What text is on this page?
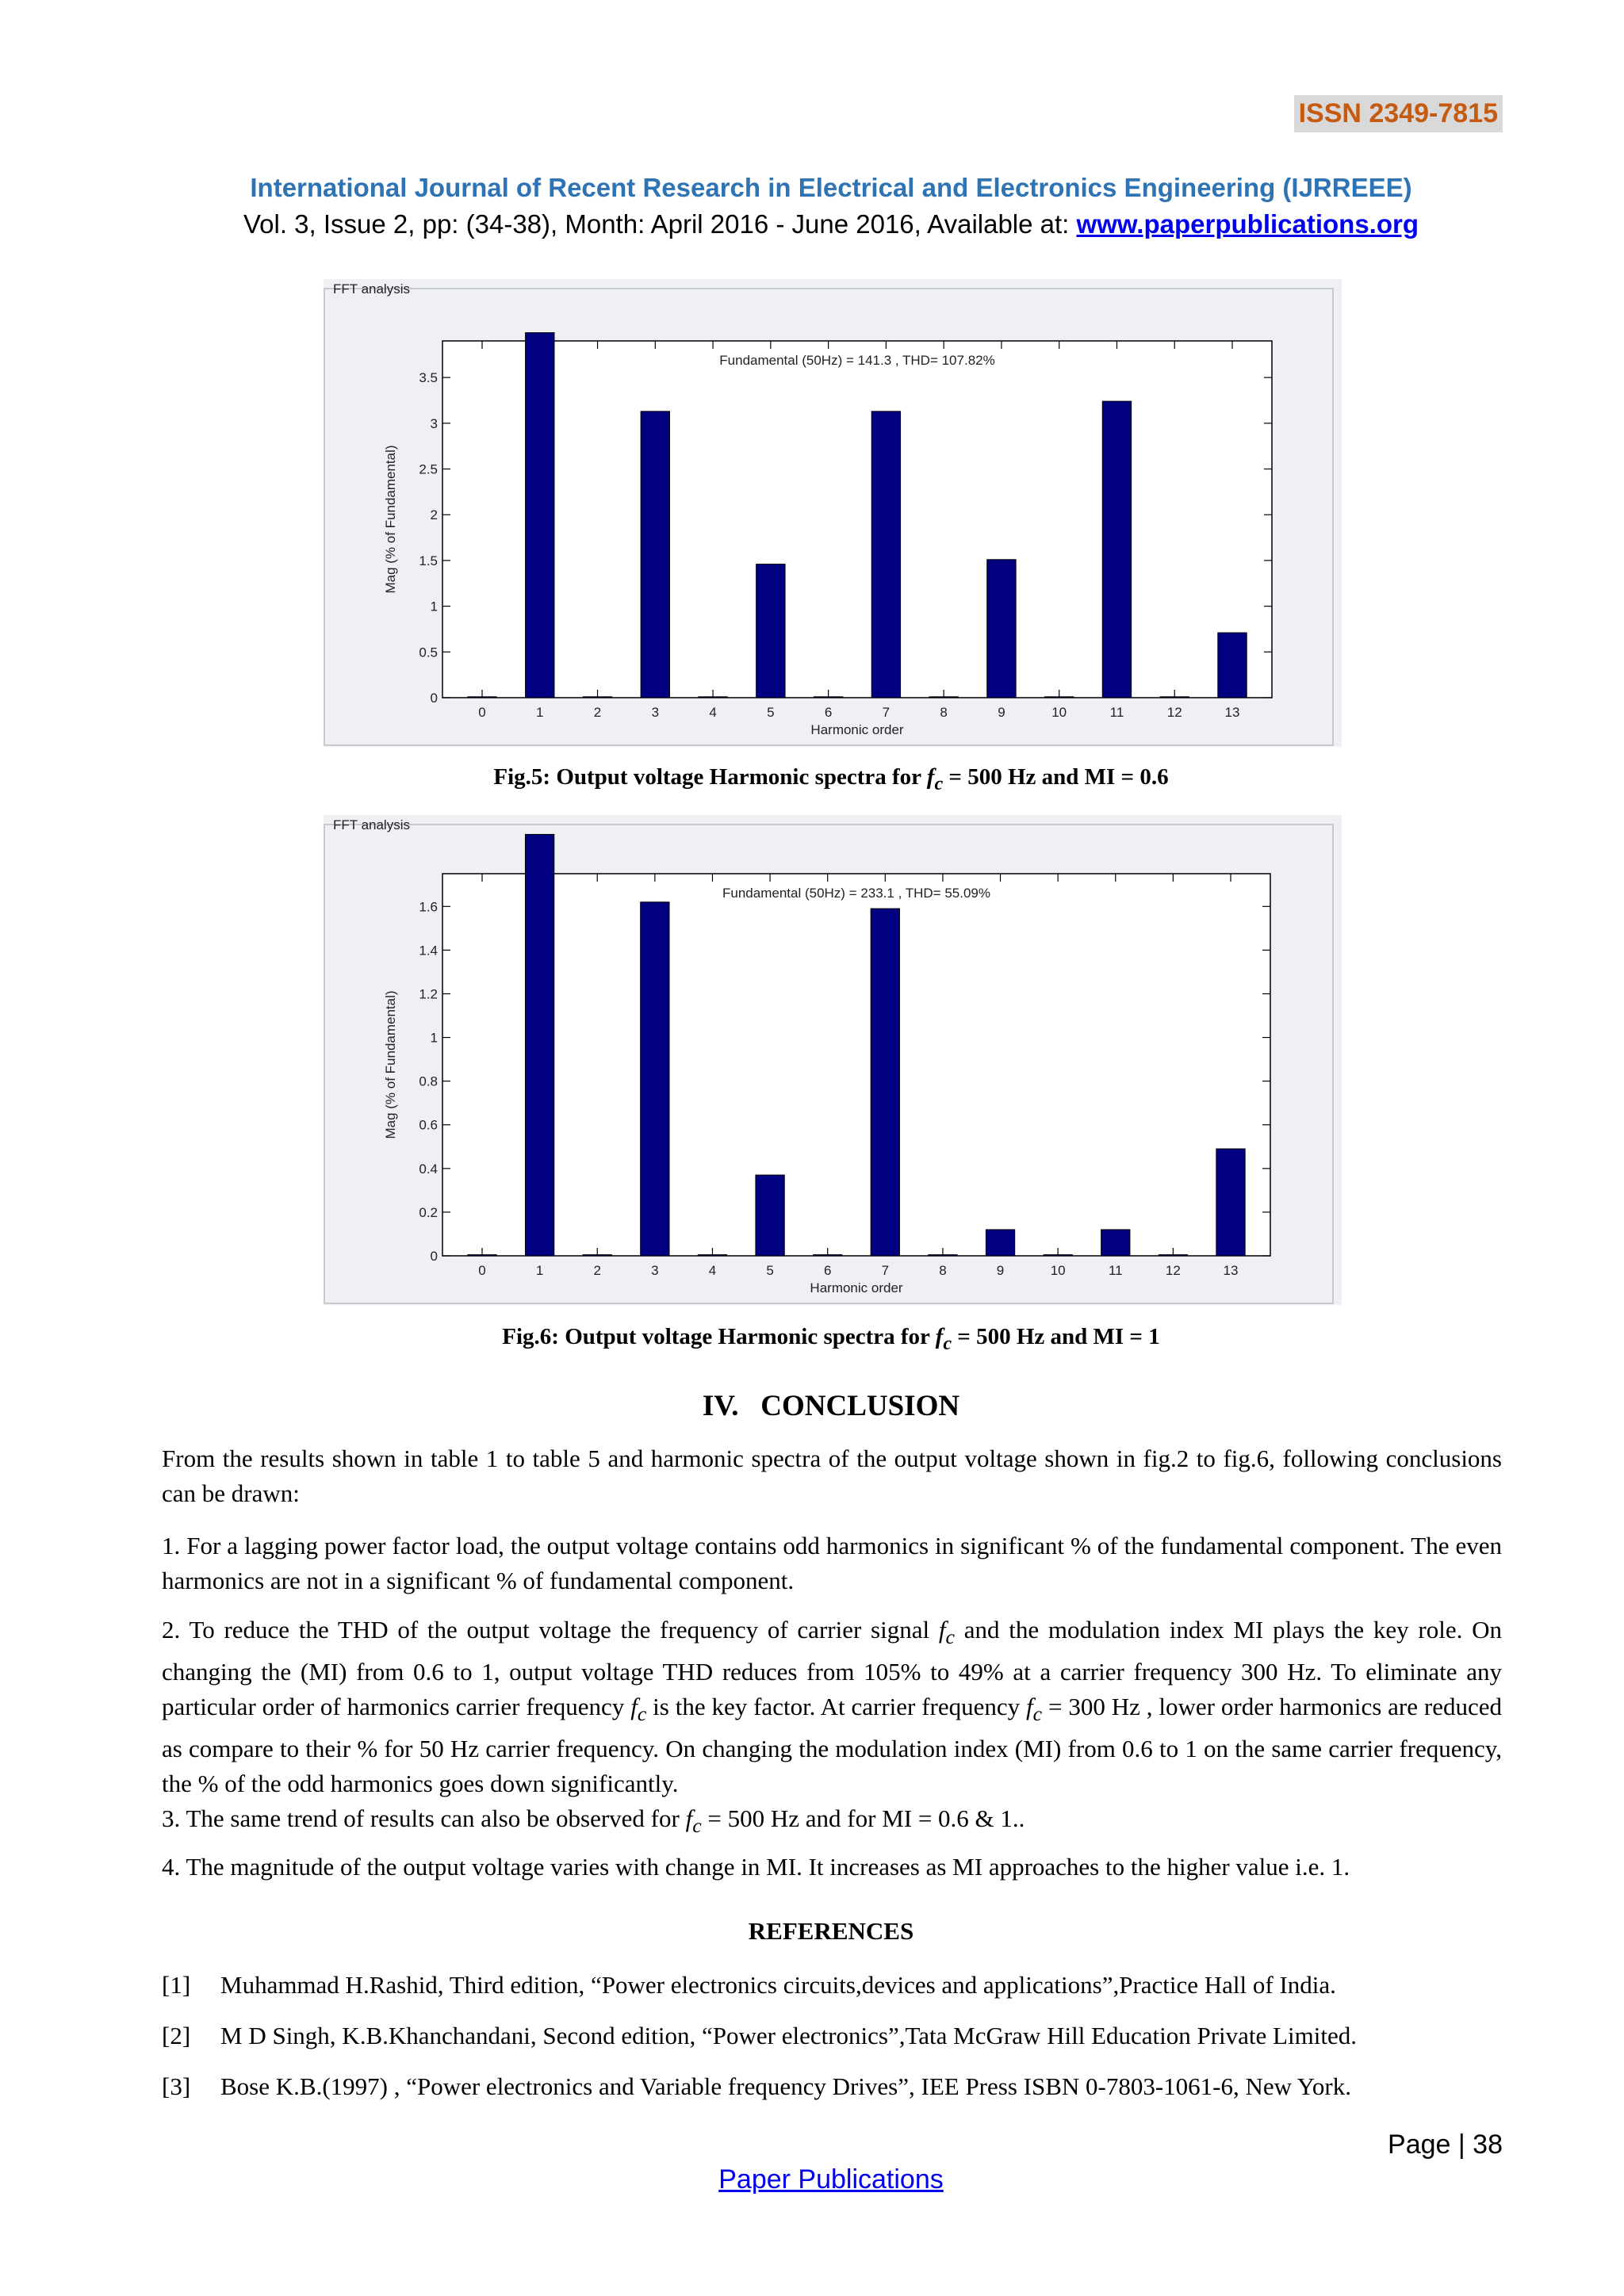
ISSN 2349-7815
International Journal of Recent Research in Electrical and Electronics Engineering (IJRREEE)
Vol. 3, Issue 2, pp: (34-38), Month: April 2016 - June 2016, Available at: www.paperpublications.org
FFT analysis
Fundamental (50Hz) = 141.3 , THD= 107.82%
0
0.5
1
1.5
2
2.5
3
3.5
0	1	2	3	4	5	6	7	8	9	10	11	12	13
Harmonic order
Mag (% of Fundamental)
Fig.5: Output voltage Harmonic spectra for $f_c = 500$ Hz and MI = 0.6
FFT analysis
Fundamental (50Hz) = 233.1 , THD= 55.09%
0
0.2
0.4
0.6
0.8
1
1.2
1.4
1.6
0	1	2	3	4	5	6	7	8	9	10	11	12	13
Harmonic order
Mag (% of Fundamental)
Fig.6: Output voltage Harmonic spectra for $f_c = 500$ Hz and MI = 1
IV.   CONCLUSION
From the results shown in table 1 to table 5 and harmonic spectra of the output voltage shown in fig.2 to fig.6, following conclusions can be drawn:
1. For a lagging power factor load, the output voltage contains odd harmonics in significant % of the fundamental component. The even harmonics are not in a significant % of fundamental component.
2. To reduce the THD of the output voltage the frequency of carrier signal $f_c$ and the modulation index MI plays the key role. On changing the (MI) from 0.6 to 1, output voltage THD reduces from 105% to 49% at a carrier frequency 300 Hz. To eliminate any particular order of harmonics carrier frequency $f_c$ is the key factor. At carrier frequency $f_c = 300$ Hz , lower order harmonics are reduced as compare to their % for 50 Hz carrier frequency. On changing the modulation index (MI) from 0.6 to 1 on the same carrier frequency, the % of the odd harmonics goes down significantly.
3. The same trend of results can also be observed for $f_c = 500$ Hz and for MI = 0.6 & 1..
4. The magnitude of the output voltage varies with change in MI. It increases as MI approaches to the higher value i.e. 1.
REFERENCES
[1] Muhammad H.Rashid, Third edition, “Power electronics circuits,devices and applications”,Practice Hall of India.
[2] M D Singh, K.B.Khanchandani, Second edition, “Power electronics”,Tata McGraw Hill Education Private Limited.
[3] Bose K.B.(1997) , “Power electronics and Variable frequency Drives”, IEE Press ISBN 0-7803-1061-6, New York.
Page | 38
Paper Publications
